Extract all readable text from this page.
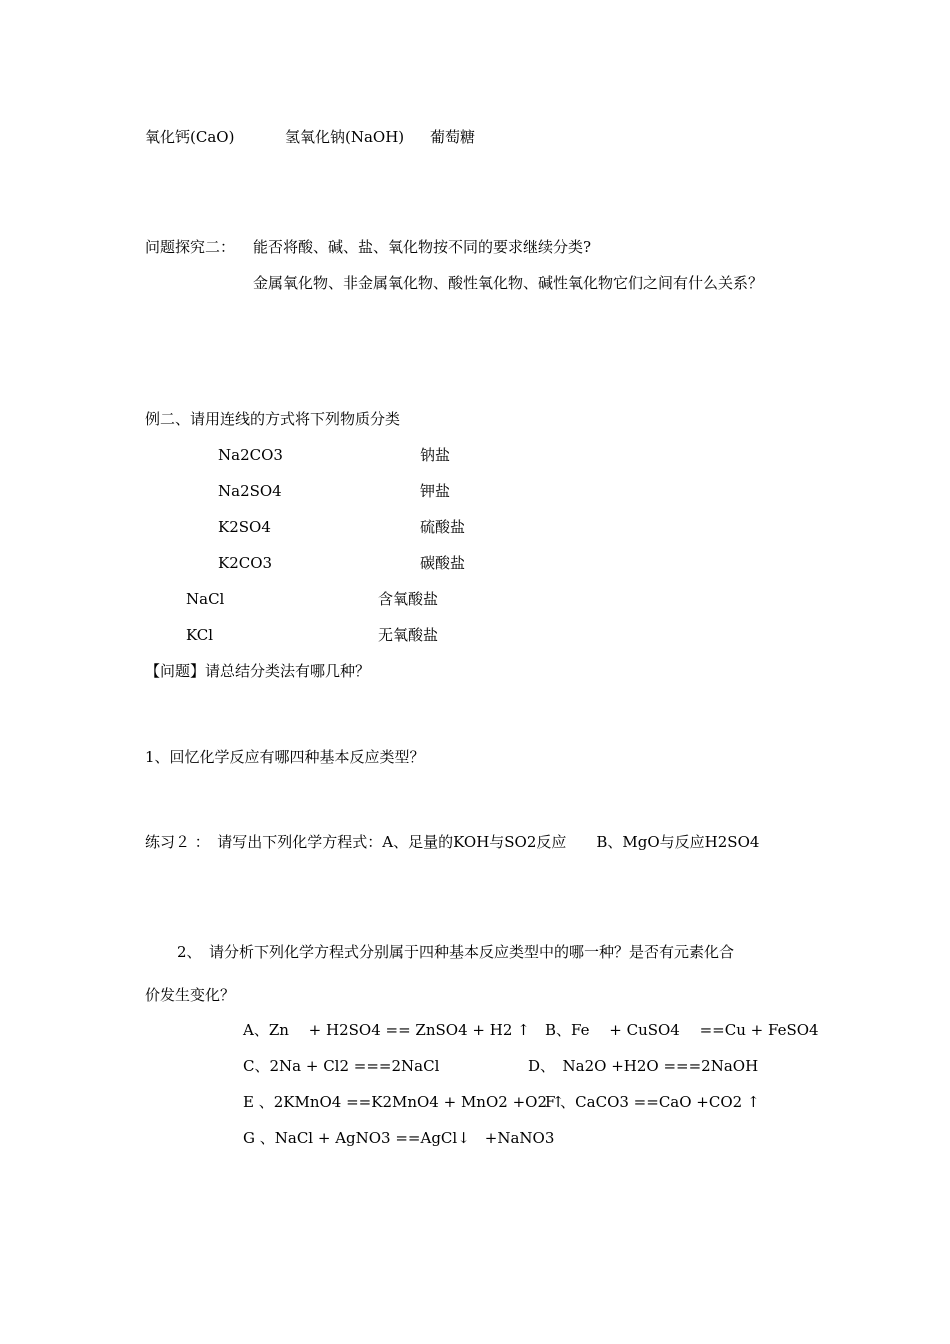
氧化钙(CaO)	氢氧化钠(NaOH) 葡萄糖
问题探究二： 能否将酸、碱、盐、氧化物按不同的要求继续分类?
金属氧化物、非金属氧化物、酸性氧化物、碱性氧化物它们之间有什么关系？
例二、请用连线的方式将下列物质分类
Na2CO3
Na2SO4
K2SO4
K2CO3
NaCl
KCl
钠盐
钾盐
硫酸盐
碳酸盐
含氧酸盐
无氧酸盐
【问题】请总结分类法有哪几种？
1、回忆化学反应有哪四种基本反应类型？
练习２ ：　请写出下列化学方程式：A、足量的KOH与SO2反应　　B、MgO与反应H2SO4
2、　请分析下列化学方程式分别属于四种基本反应类型中的哪一种？是否有元素化合
价发生变化？
A、Zn　 + H2SO4 == ZnSO4 + H2 ↑ B、Fe　 + CuSO4　 ==Cu + FeSO4
C、2Na + Cl2 ===2NaCl	D、　Na2O +H2O ===2NaOH
E 、2KMnO4 ==K2MnO4 + MnO2 +O2 ↑
F 、CaCO3 ==CaO +CO2 ↑
G 、NaCl + AgNO3 ==AgCl↓　+NaNO3
